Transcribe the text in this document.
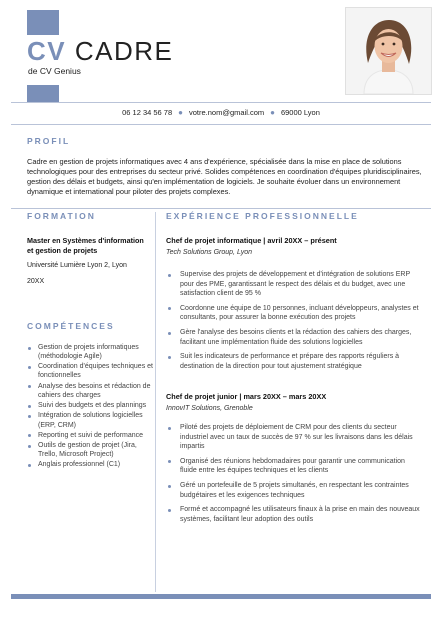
CV CADRE
de CV Genius
06 12 34 56 78 ● votre.nom@gmail.com ● 69000 Lyon
PROFIL
Cadre en gestion de projets informatiques avec 4 ans d'expérience, spécialisée dans la mise en place de solutions technologiques pour des entreprises du secteur privé. Solides compétences en coordination d'équipes pluridisciplinaires, gestion des délais et budgets, ainsi qu'en implémentation de logiciels. Je souhaite évoluer dans un environnement dynamique et international pour piloter des projets complexes.
FORMATION
Master en Systèmes d'information et gestion de projets
Université Lumière Lyon 2, Lyon
20XX
COMPÉTENCES
Gestion de projets informatiques (méthodologie Agile)
Coordination d'équipes techniques et fonctionnelles
Analyse des besoins et rédaction de cahiers des charges
Suivi des budgets et des plannings
Intégration de solutions logicielles (ERP, CRM)
Reporting et suivi de performance
Outils de gestion de projet (Jira, Trello, Microsoft Project)
Anglais professionnel (C1)
EXPÉRIENCE PROFESSIONNELLE
Chef de projet informatique | avril 20XX – présent
Tech Solutions Group, Lyon
Supervise des projets de développement et d'intégration de solutions ERP pour des PME, garantissant le respect des délais et du budget, avec une satisfaction client de 95 %
Coordonne une équipe de 10 personnes, incluant développeurs, analystes et consultants, pour assurer la bonne exécution des projets
Gère l'analyse des besoins clients et la rédaction des cahiers des charges, facilitant une implémentation fluide des solutions logicielles
Suit les indicateurs de performance et prépare des rapports réguliers à destination de la direction pour tout ajustement stratégique
Chef de projet junior | mars 20XX – mars 20XX
InnovIT Solutions, Grenoble
Piloté des projets de déploiement de CRM pour des clients du secteur industriel avec un taux de succès de 97 % sur les livraisons dans les délais impartis
Organisé des réunions hebdomadaires pour garantir une communication fluide entre les équipes techniques et les clients
Géré un portefeuille de 5 projets simultanés, en respectant les contraintes budgétaires et les exigences techniques
Formé et accompagné les utilisateurs finaux à la prise en main des nouveaux systèmes, facilitant leur adoption des outils
